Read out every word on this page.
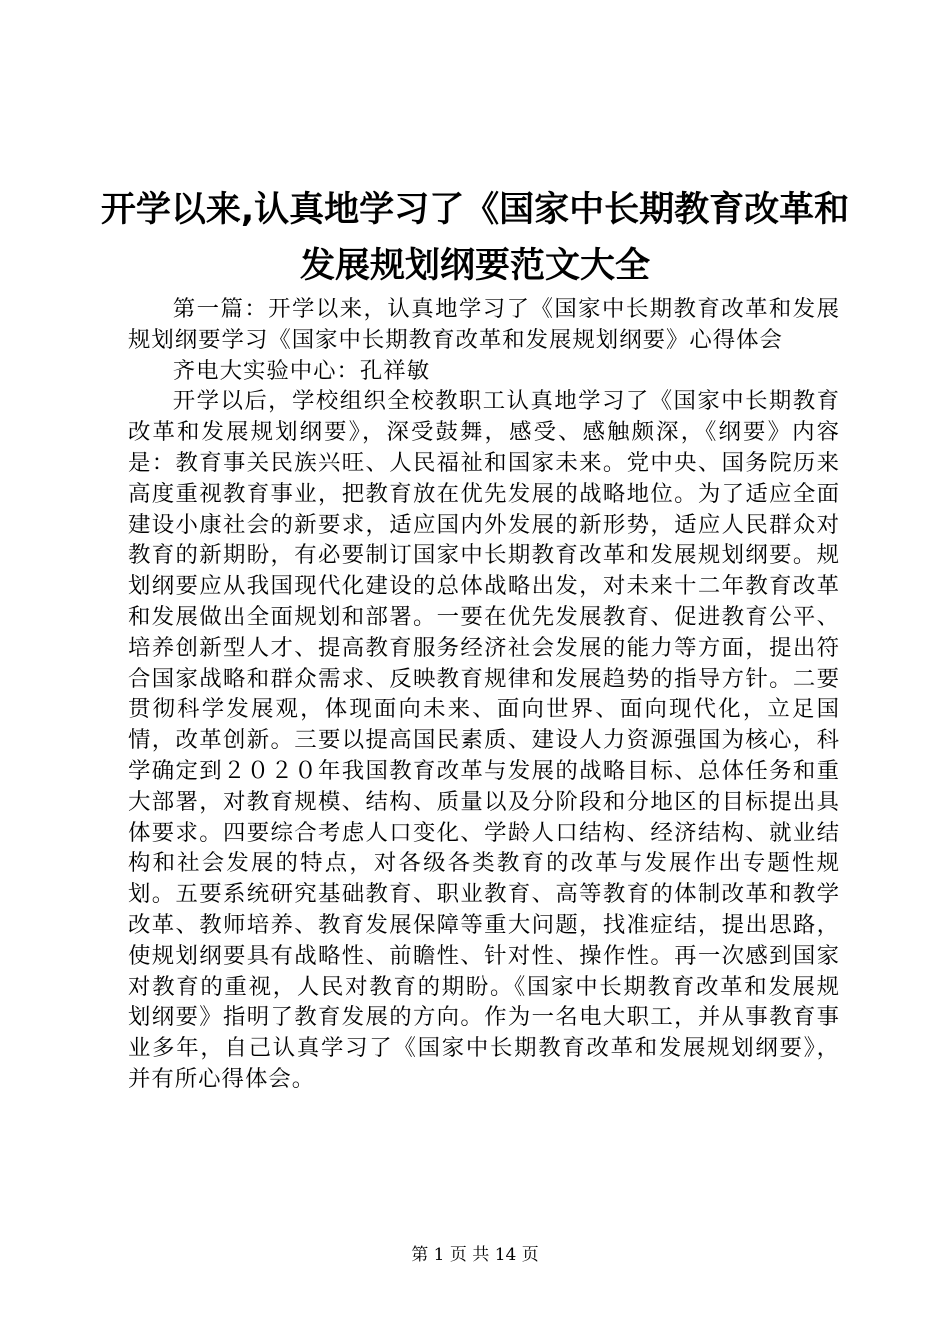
开学以来,认真地学习了《国家中长期教育改革和发展规划纲要范文大全

第一篇：开学以来，认真地学习了《国家中长期教育改革和发展规划纲要学习《国家中长期教育改革和发展规划纲要》心得体会

齐电大实验中心：孔祥敏

开学以后，学校组织全校教职工认真地学习了《国家中长期教育改革和发展规划纲要》，深受鼓舞，感受、感触颇深，《纲要》内容是：教育事关民族兴旺、人民福祉和国家未来。党中央、国务院历来高度重视教育事业，把教育放在优先发展的战略地位。为了适应全面建设小康社会的新要求，适应国内外发展的新形势，适应人民群众对教育的新期盼，有必要制订国家中长期教育改革和发展规划纲要。规划纲要应从我国现代化建设的总体战略出发，对未来十二年教育改革和发展做出全面规划和部署。一要在优先发展教育、促进教育公平、培养创新型人才、提高教育服务经济社会发展的能力等方面，提出符合国家战略和群众需求、反映教育规律和发展趋势的指导方针。二要贯彻科学发展观，体现面向未来、面向世界、面向现代化，立足国情，改革创新。三要以提高国民素质、建设人力资源强国为核心，科学确定到２０２０年我国教育改革与发展的战略目标、总体任务和重大部署，对教育规模、结构、质量以及分阶段和分地区的目标提出具体要求。四要综合考虑人口变化、学龄人口结构、经济结构、就业结构和社会发展的特点，对各级各类教育的改革与发展作出专题性规划。五要系统研究基础教育、职业教育、高等教育的体制改革和教学改革、教师培养、教育发展保障等重大问题，找准症结，提出思路，使规划纲要具有战略性、前瞻性、针对性、操作性。再一次感到国家对教育的重视，人民对教育的期盼。《国家中长期教育改革和发展规划纲要》指明了教育发展的方向。作为一名电大职工，并从事教育事业多年，自己认真学习了《国家中长期教育改革和发展规划纲要》，并有所心得体会。

第 1 页 共 14 页
